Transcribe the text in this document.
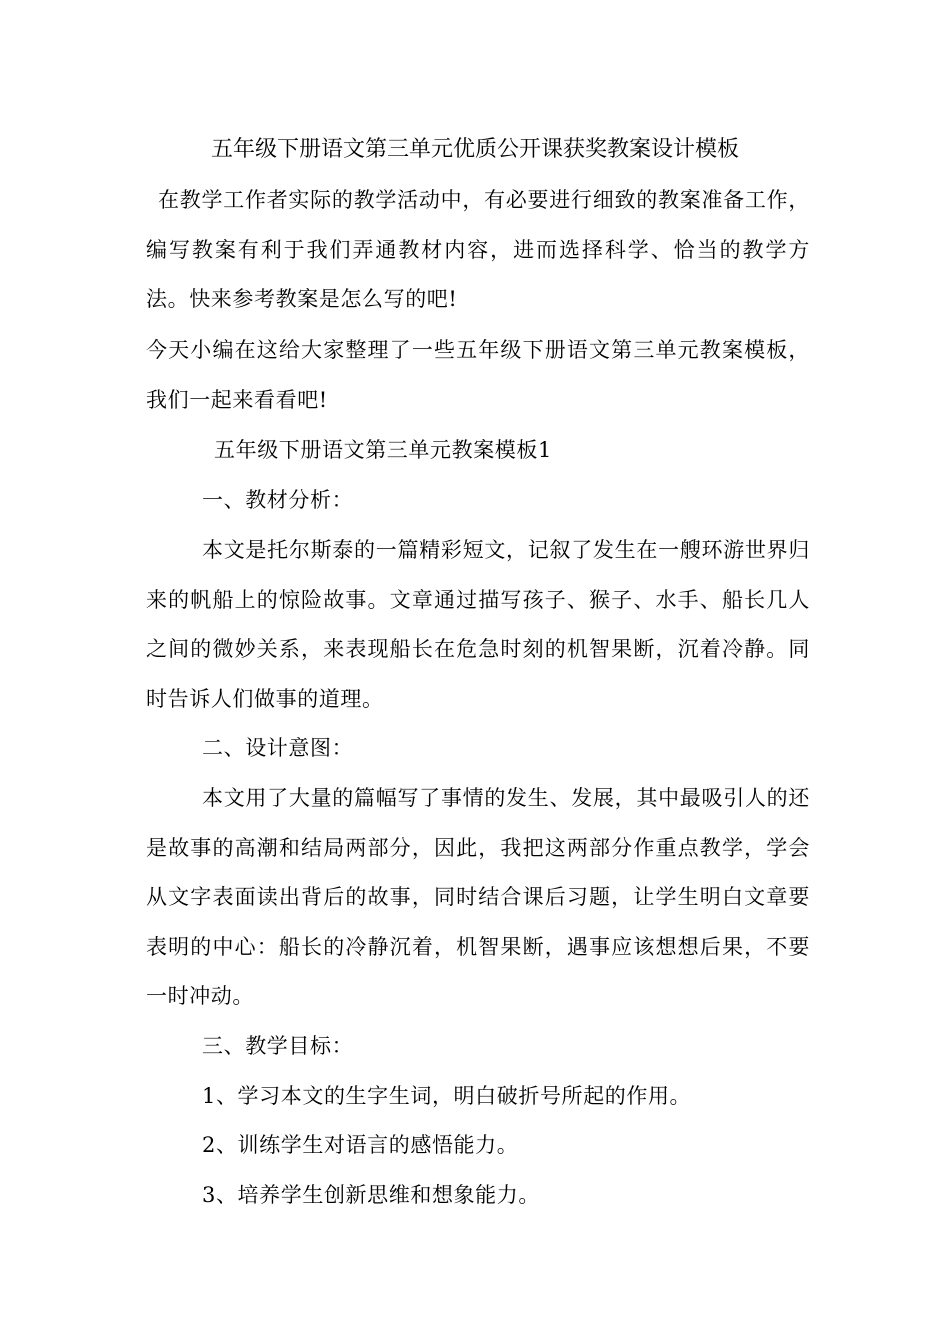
五年级下册语文第三单元优质公开课获奖教案设计模板
在教学工作者实际的教学活动中，有必要进行细致的教案准备工作，编写教案有利于我们弄通教材内容，进而选择科学、恰当的教学方法。快来参考教案是怎么写的吧!
今天小编在这给大家整理了一些五年级下册语文第三单元教案模板，我们一起来看看吧!
五年级下册语文第三单元教案模板1
一、教材分析：
本文是托尔斯泰的一篇精彩短文，记叙了发生在一艘环游世界归来的帆船上的惊险故事。文章通过描写孩子、猴子、水手、船长几人之间的微妙关系，来表现船长在危急时刻的机智果断，沉着冷静。同时告诉人们做事的道理。
二、设计意图：
本文用了大量的篇幅写了事情的发生、发展，其中最吸引人的还是故事的高潮和结局两部分，因此，我把这两部分作重点教学，学会从文字表面读出背后的故事，同时结合课后习题，让学生明白文章要表明的中心：船长的冷静沉着，机智果断，遇事应该想想后果，不要一时冲动。
三、教学目标：
1、学习本文的生字生词，明白破折号所起的作用。
2、训练学生对语言的感悟能力。
3、培养学生创新思维和想象能力。
